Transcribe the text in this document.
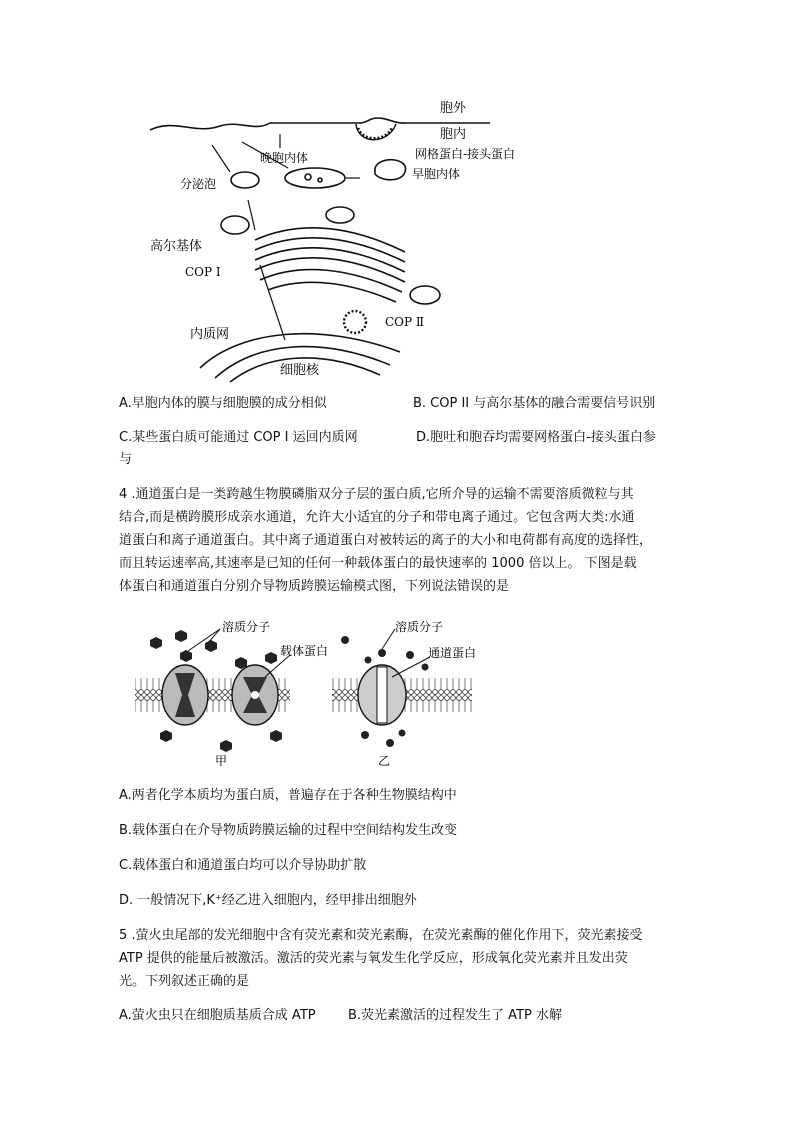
胞外
胞内
网格蛋白-接头蛋白
晚胞内体
早胞内体
分泌泡
高尔基体
COP Ⅰ
COP Ⅱ
内质网
细胞核
A.早胞内体的膜与细胞膜的成分相似	B. COP II 与高尔基体的融合需要信号识别
C.某些蛋白质可能通过 COP I 运回内质网	D.胞吐和胞吞均需要网格蛋白-接头蛋白参
与
4 .通道蛋白是一类跨越生物膜磷脂双分子层的蛋白质,它所介导的运输不需要溶质微粒与其
结合,而是横跨膜形成亲水通道，允许大小适宜的分子和带电离子通过。它包含两大类:水通
道蛋白和离子通道蛋白。其中离子通道蛋白对被转运的离子的大小和电荷都有高度的选择性，
而且转运速率高,其速率是已知的任何一种载体蛋白的最快速率的 1000 倍以上。 下图是载
体蛋白和通道蛋白分别介导物质跨膜运输模式图，下列说法错误的是
溶质分子
载体蛋白
溶质分子
通道蛋白
甲	乙
A.两者化学本质均为蛋白质，普遍存在于各种生物膜结构中
B.载体蛋白在介导物质跨膜运输的过程中空间结构发生改变
C.载体蛋白和通道蛋白均可以介导协助扩散
D. 一般情况下,K⁺经乙进入细胞内，经甲排出细胞外
5 .萤火虫尾部的发光细胞中含有荧光素和荧光素酶，在荧光素酶的催化作用下，荧光素接受
ATP 提供的能量后被激活。激活的荧光素与氧发生化学反应，形成氧化荧光素并且发出荧
光。下列叙述正确的是
A.萤火虫只在细胞质基质合成 ATP B.荧光素激活的过程发生了 ATP 水解
